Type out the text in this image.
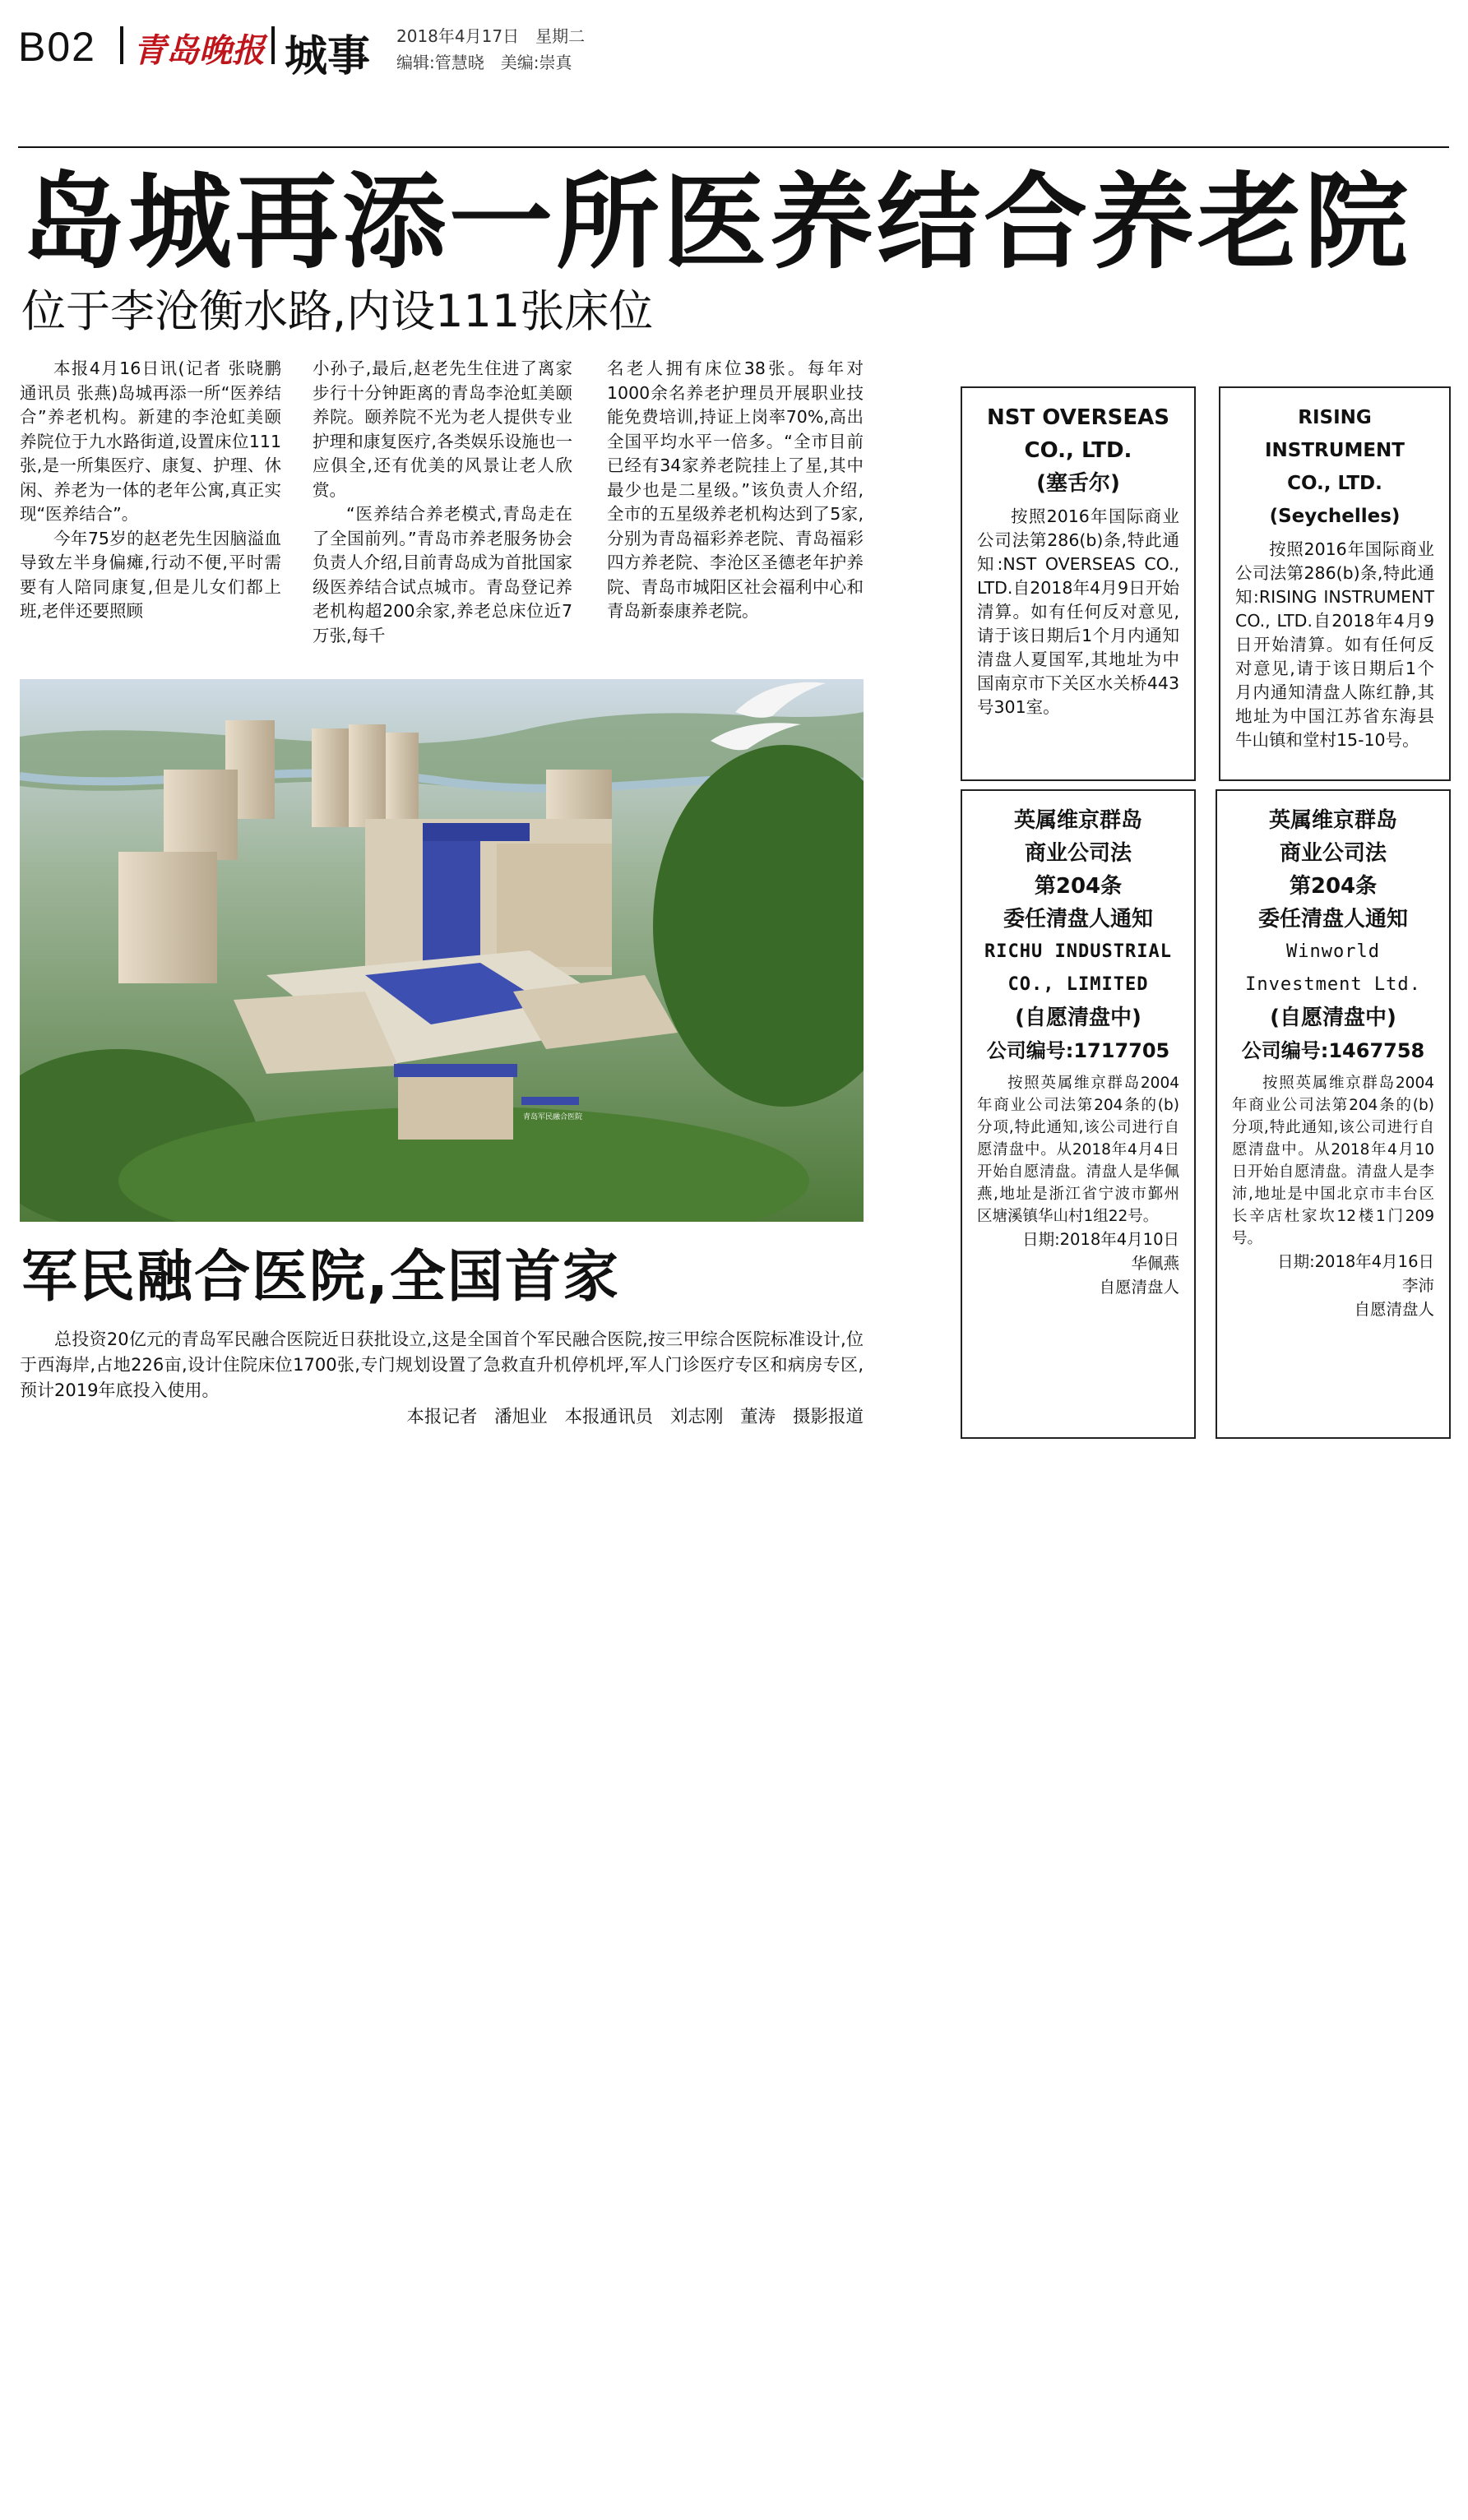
B02 青岛晚报 城事 2018年4月17日　星期二
编辑:管慧晓　美编:崇真
岛城再添一所医养结合养老院
位于李沧衡水路,内设111张床位

本报4月16日讯(记者 张晓鹏 通讯员 张燕)岛城再添一所“医养结合”养老机构。新建的李沧虹美颐养院位于九水路街道,设置床位111张,是一所集医疗、康复、护理、休闲、养老为一体的老年公寓,真正实现“医养结合”。

今年75岁的赵老先生因脑溢血导致左半身偏瘫,行动不便,平时需要有人陪同康复,但是儿女们都上班,老伴还要照顾

小孙子,最后,赵老先生住进了离家步行十分钟距离的青岛李沧虹美颐养院。颐养院不光为老人提供专业护理和康复医疗,各类娱乐设施也一应俱全,还有优美的风景让老人欣赏。

“医养结合养老模式,青岛走在了全国前列。”青岛市养老服务协会负责人介绍,目前青岛成为首批国家级医养结合试点城市。青岛登记养老机构超200余家,养老总床位近7万张,每千

名老人拥有床位38张。每年对1000余名养老护理员开展职业技能免费培训,持证上岗率70%,高出全国平均水平一倍多。“全市目前已经有34家养老院挂上了星,其中最少也是二星级。”该负责人介绍,全市的五星级养老机构达到了5家,分别为青岛福彩养老院、青岛福彩四方养老院、李沧区圣德老年护养院、青岛市城阳区社会福利中心和青岛新泰康养老院。

青岛军民融合医院
军民融合医院,全国首家
总投资20亿元的青岛军民融合医院近日获批设立,这是全国首个军民融合医院,按三甲综合医院标准设计,位于西海岸,占地226亩,设计住院床位1700张,专门规划设置了急救直升机停机坪,军人门诊医疗专区和病房专区,预计2019年底投入使用。
本报记者 潘旭业 本报通讯员 刘志刚 董涛 摄影报道
NST OVERSEAS
CO., LTD.
(塞舌尔)
按照2016年国际商业公司法第286(b)条,特此通知:NST OVERSEAS CO., LTD.自2018年4月9日开始清算。如有任何反对意见,请于该日期后1个月内通知清盘人夏国军,其地址为中国南京市下关区水关桥443号301室。
RISING INSTRUMENT
CO., LTD.
(Seychelles)
按照2016年国际商业公司法第286(b)条,特此通知:RISING INSTRUMENT CO., LTD.自2018年4月9日开始清算。如有任何反对意见,请于该日期后1个月内通知清盘人陈红静,其地址为中国江苏省东海县牛山镇和堂村15-10号。
英属维京群岛
商业公司法
第204条
委任清盘人通知
RICHU INDUSTRIAL
CO., LIMITED
(自愿清盘中)
公司编号:1717705
按照英属维京群岛2004年商业公司法第204条的(b)分项,特此通知,该公司进行自愿清盘中。从2018年4月4日开始自愿清盘。清盘人是华佩燕,地址是浙江省宁波市鄞州区塘溪镇华山村1组22号。
日期:2018年4月10日
华佩燕
自愿清盘人
英属维京群岛
商业公司法
第204条
委任清盘人通知
Winworld
Investment Ltd.
(自愿清盘中)
公司编号:1467758
按照英属维京群岛2004年商业公司法第204条的(b)分项,特此通知,该公司进行自愿清盘中。从2018年4月10日开始自愿清盘。清盘人是李沛,地址是中国北京市丰台区长辛店杜家坎12楼1门209号。
日期:2018年4月16日
李沛
自愿清盘人
